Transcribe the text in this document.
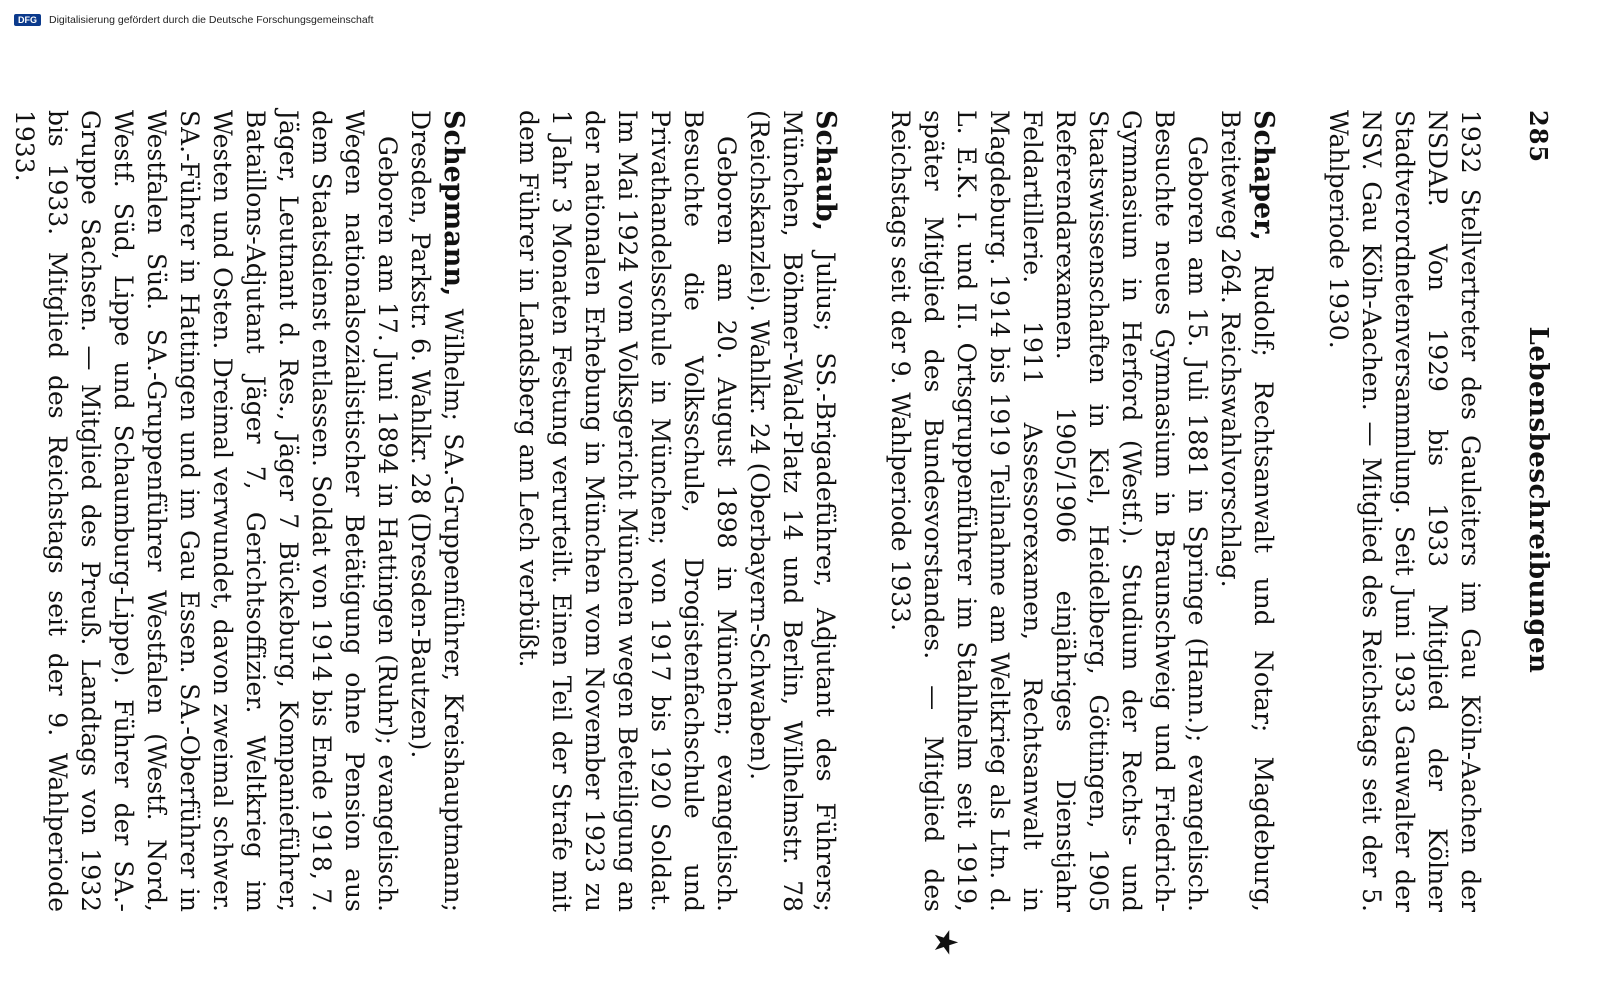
DFG	Digitalisierung gefördert durch die Deutsche Forschungsgemeinschaft
285
Lebensbeschreibungen

1932 Stellvertreter des Gauleiters im Gau Köln-Aachen der NSDAP. Von 1929 bis 1933 Mitglied der Kölner Stadtverordnetenversammlung. Seit Juni 1933 Gauwalter der NSV. Gau Köln-Aachen. — Mitglied des Reichstags seit der 5. Wahlperiode 1930.

Schaper, Rudolf; Rechtsanwalt und Notar; Magdeburg, Breiteweg 264. Reichswahlvorschlag.

Geboren am 15. Juli 1881 in Springe (Hann.); evangelisch. Besuchte neues Gymnasium in Braunschweig und Friedrich-Gymnasium in Herford (Westf.). Studium der Rechts- und Staatswissenschaften in Kiel, Heidelberg, Göttingen, 1905 Referendarexamen. 1905/1906 einjähriges Dienstjahr Feldartillerie. 1911 Assessorexamen, Rechtsanwalt in Magdeburg. 1914 bis 1919 Teilnahme am Weltkrieg als Ltn. d. L. E.K. I. und II. Ortsgruppenführer im Stahlhelm seit 1919, später Mitglied des Bundesvorstandes. — Mitglied des Reichstags seit der 9. Wahlperiode 1933.

Schaub, Julius; SS.-Brigadeführer, Adjutant des Führers; München, Böhmer-Wald-Platz 14 und Berlin, Wilhelmstr. 78 (Reichskanzlei). Wahlkr. 24 (Oberbayern-Schwaben).

Geboren am 20. August 1898 in München; evangelisch. Besuchte die Volksschule, Drogistenfachschule und Privathandelsschule in München; von 1917 bis 1920 Soldat. Im Mai 1924 vom Volksgericht München wegen Beteiligung an der nationalen Erhebung in München vom November 1923 zu 1 Jahr 3 Monaten Festung verurteilt. Einen Teil der Strafe mit dem Führer in Landsberg am Lech verbüßt.

Schepmann, Wilhelm; SA.-Gruppenführer, Kreishauptmann; Dresden, Parkstr. 6. Wahlkr. 28 (Dresden-Bautzen).

Geboren am 17. Juni 1894 in Hattingen (Ruhr); evangelisch. Wegen nationalsozialistischer Betätigung ohne Pension aus dem Staatsdienst entlassen. Soldat von 1914 bis Ende 1918, 7. Jäger, Leutnant d. Res., Jäger 7 Bückeburg, Kompanieführer, Bataillons-Adjutant Jäger 7, Gerichtsoffizier. Weltkrieg im Westen und Osten. Dreimal verwundet, davon zweimal schwer. SA.-Führer in Hattingen und im Gau Essen. SA.-Oberführer in Westfalen Süd. SA.-Gruppenführer Westfalen (Westf. Nord, Westf. Süd, Lippe und Schaumburg-Lippe). Führer der SA.-Gruppe Sachsen. — Mitglied des Preuß. Landtags von 1932 bis 1933. Mitglied des Reichstags seit der 9. Wahlperiode 1933.

★
